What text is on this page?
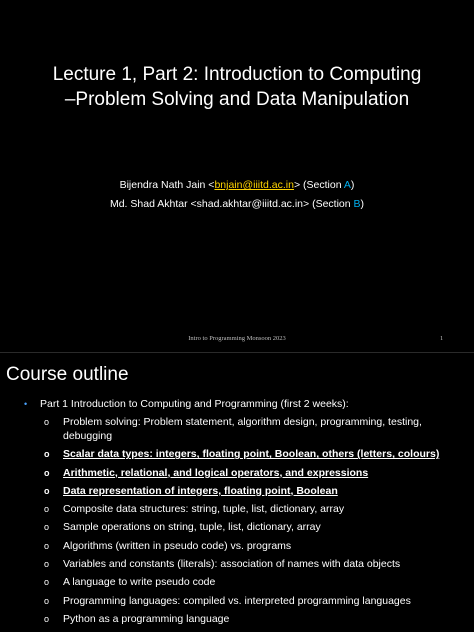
Lecture 1, Part 2: Introduction to Computing
–Problem Solving and Data Manipulation
Bijendra Nath Jain <bnjain@iiitd.ac.in> (Section A)
Md. Shad Akhtar <shad.akhtar@iiitd.ac.in> (Section B)
Intro to Programming Monsoon 2023	1
Course outline
• Part 1 Introduction to Computing and Programming (first 2 weeks):
o Problem solving: Problem statement, algorithm design, programming, testing, debugging
o Scalar data types: integers, floating point, Boolean, others (letters, colours)
o Arithmetic, relational, and logical operators, and expressions
o Data representation of integers, floating point, Boolean
o Composite data structures: string, tuple, list, dictionary, array
o Sample operations on string, tuple, list, dictionary, array
o Algorithms (written in pseudo code) vs. programs
o Variables and constants (literals): association of names with data objects
o A language to write pseudo code
o Programming languages: compiled vs. interpreted programming languages
o Python as a programming language
